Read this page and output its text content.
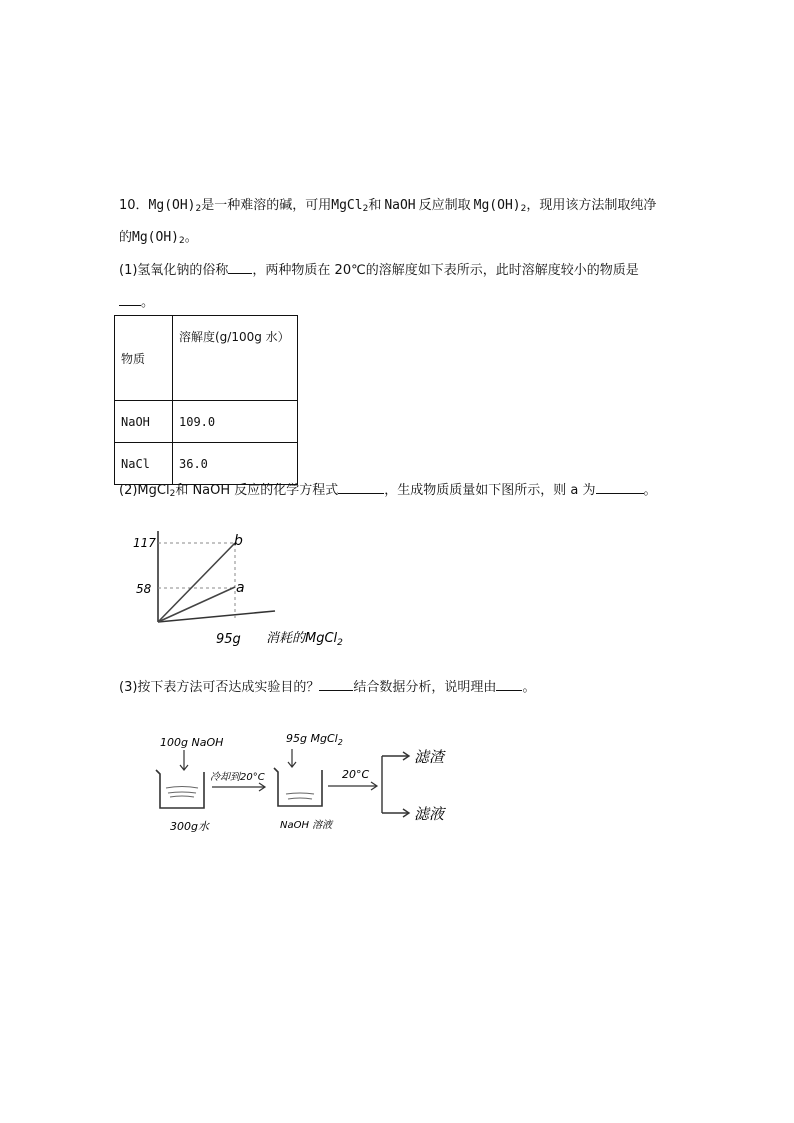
10．$Mg(OH)_2$是一种难溶的碱，可用MgCl$_2$和 NaOH 反应制取 $Mg(OH)_2$，现用该方法制取纯净
的$Mg(OH)_2$。
(1)氢氧化钠的俗称 ，两种物质在 20℃的溶解度如下表所示，此时溶解度较小的物质是
。
物质	溶解度(g/100g 水）
NaOH	109.0
NaCl	36.0
(2)MgCl$_2$和 NaOH 反应的化学方程式	，生成物质质量如下图所示，则 a 为	。
117
58
95g 消耗的MgCl$_2$
b
a
(3)按下表方法可否达成实验目的？	结合数据分析，说明理由 。
100g NaOH
300g水
冷却到20°C
95g MgCl$_2$
NaOH 溶液
20°C
滤渣
滤液
